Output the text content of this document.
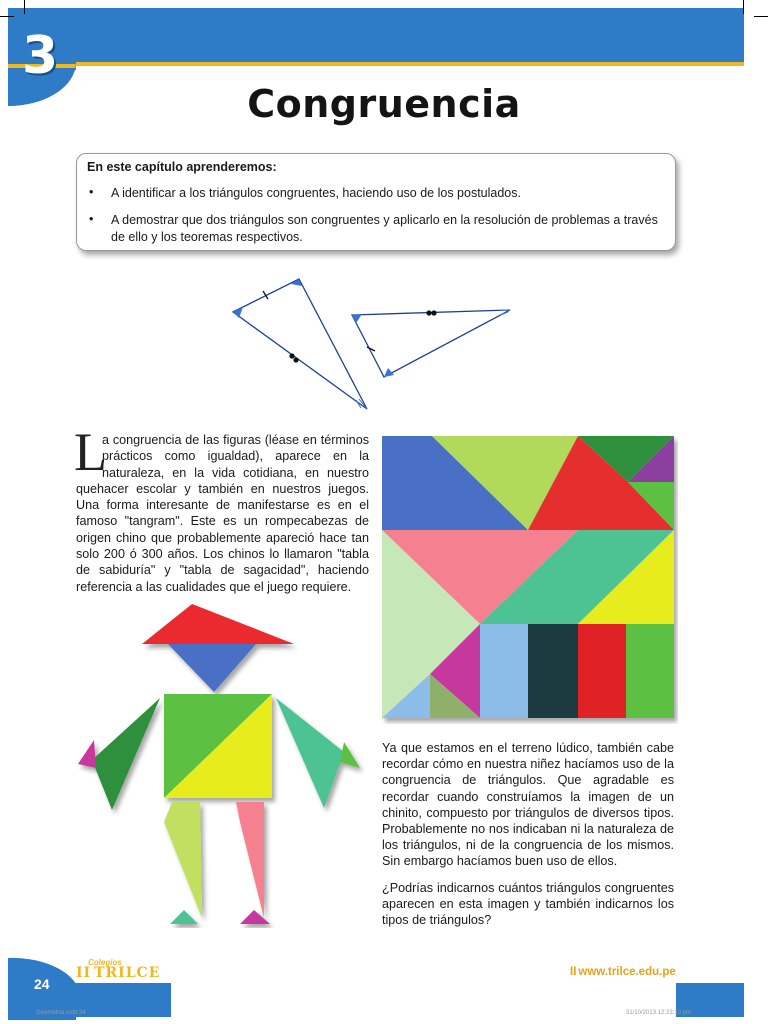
3
Congruencia
En este capítulo aprenderemos:
• A identificar a los triángulos congruentes, haciendo uso de los postulados.
• A demostrar que dos triángulos son congruentes y aplicarlo en la resolución de problemas a través de ello y los teoremas respectivos.
L
a congruencia de las figuras (léase en términos prácticos como igualdad), aparece en la naturaleza, en la vida cotidiana, en nuestro quehacer escolar y también en nuestros juegos. Una forma interesante de manifestarse es en el famoso "tangram". Este es un rompecabezas de origen chino que probablemente apareció hace tan solo 200 ó 300 años. Los chinos lo llamaron "tabla de sabiduría" y "tabla de sagacidad", haciendo referencia a las cualidades que el juego requiere.
Ya que estamos en el terreno lúdico, también cabe recordar cómo en nuestra niñez hacíamos uso de la congruencia de triángulos. Que agradable es recordar cuando construíamos la imagen de un chinito, compuesto por triángulos de diversos tipos. Probablemente no nos indicaban ni la naturaleza de los triángulos, ni de la congruencia de los mismos. Sin embargo hacíamos buen uso de ellos.
¿Podrías indicarnos cuántos triángulos congruentes aparecen en esta imagen y también indicarnos los tipos de triángulos?
24
Colegios
II TRILCE	II www.trilce.edu.pe
Geometría.indd 24	31/10/2013 12:23:10 pm
